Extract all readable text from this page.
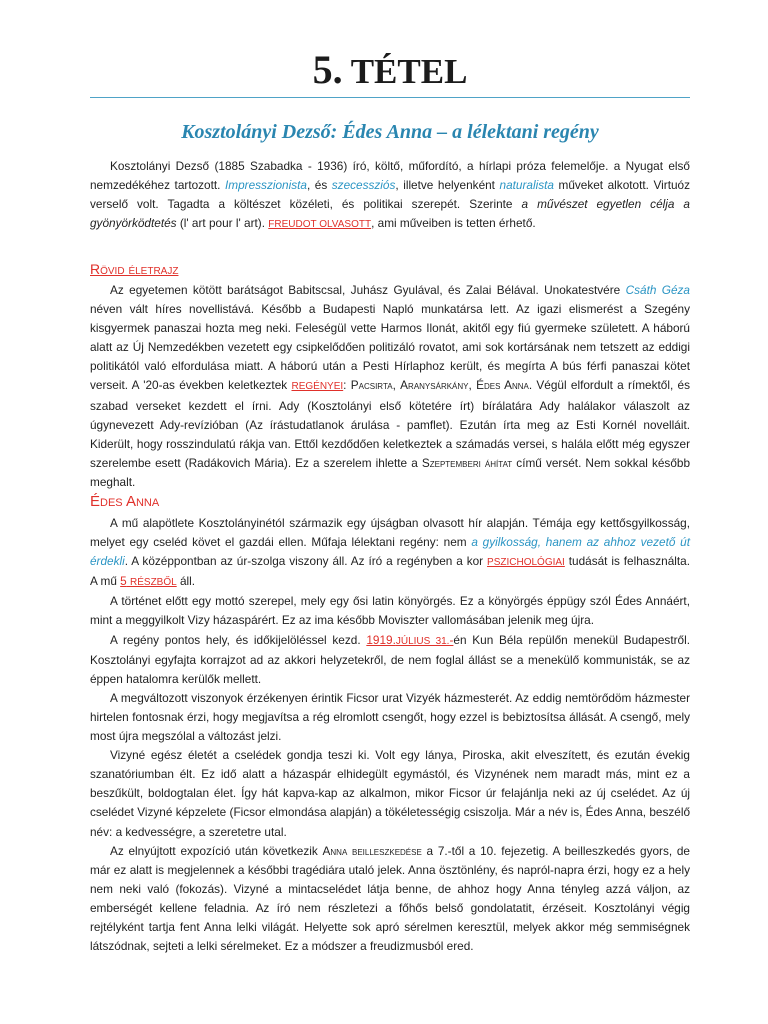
5. TÉTEL
Kosztolányi Dezső: Édes Anna – a lélektani regény

Kosztolányi Dezső (1885 Szabadka - 1936) író, költő, műfordító, a hírlapi próza felemelője. a Nyugat első nemzedékéhez tartozott. Impresszionista, és szecessziós, illetve helyenként naturalista műveket alkotott. Virtuóz verselő volt. Tagadta a költészet közéleti, és politikai szerepét. Szerinte a művészet egyetlen célja a gyönyörködtetés (l' art pour l' art). FREUDOT OLVASOTT, ami műveiben is tetten érhető.

Rövid életrajz

Az egyetemen kötött barátságot Babitscsal, Juhász Gyulával, és Zalai Bélával. Unokatestvére Csáth Géza néven vált híres novellistává. Később a Budapesti Napló munkatársa lett. Az igazi elismerést a Szegény kisgyermek panaszai hozta meg neki. Feleségül vette Harmos Ilonát, akitől egy fiú gyermeke született. A háború alatt az Új Nemzedékben vezetett egy csipkelődően politizáló rovatot, ami sok kortársának nem tetszett az eddigi politikától való elfordulása miatt. A háború után a Pesti Hírlaphoz került, és megírta A bús férfi panaszai kötet verseit. A '20-as években keletkeztek REGÉNYEI: Pacsirta, Aranysárkány, Édes Anna. Végül elfordult a rímektől, és szabad verseket kezdett el írni. Ady (Kosztolányi első kötetére írt) bírálatára Ady halálakor válaszolt az úgynevezett Ady-revízióban (Az írástudatlanok árulása - pamflet). Ezután írta meg az Esti Kornél novelláit. Kiderült, hogy rosszindulatú rákja van. Ettől kezdődően keletkeztek a számadás versei, s halála előtt még egyszer szerelembe esett (Radákovich Mária). Ez a szerelem ihlette a Szeptemberi áhítat című versét. Nem sokkal később meghalt.

Édes Anna

A mű alapötlete Kosztolányinétól származik egy újságban olvasott hír alapján. Témája egy kettősgyilkosság, melyet egy cseléd követ el gazdái ellen. Műfaja lélektani regény: nem a gyilkosság, hanem az ahhoz vezető út érdekli. A középpontban az úr-szolga viszony áll. Az író a regényben a kor PSZICHOLÓGIAI tudását is felhasználta. A mű 5 RÉSZBŐL áll.

A történet előtt egy mottó szerepel, mely egy ősi latin könyörgés. Ez a könyörgés éppügy szól Édes Annáért, mint a meggyilkolt Vizy házaspárért. Ez az ima később Moviszter vallomásában jelenik meg újra.

A regény pontos hely, és időkijelöléssel kezd. 1919.JÚLIUS 31.-én Kun Béla repülőn menekül Budapestről. Kosztolányi egyfajta korrajzot ad az akkori helyzetekről, de nem foglal állást se a menekülő kommunisták, se az éppen hatalomra kerülők mellett.

A megváltozott viszonyok érzékenyen érintik Ficsor urat Vizyék házmesterét. Az eddig nemtörődöm házmester hirtelen fontosnak érzi, hogy megjavítsa a rég elromlott csengőt, hogy ezzel is bebiztosítsa állását. A csengő, mely most újra megszólal a változást jelzi.

Vizyné egész életét a cselédek gondja teszi ki. Volt egy lánya, Piroska, akit elveszített, és ezután évekig szanatóriumban élt. Ez idő alatt a házaspár elhidegült egymástól, és Vizynének nem maradt más, mint ez a beszűkült, boldogtalan élet. Így hát kapva-kap az alkalmon, mikor Ficsor úr felajánlja neki az új cselédet. Az új cselédet Vizyné képzelete (Ficsor elmondása alapján) a tökéletességig csiszolja. Már a név is, Édes Anna, beszélő név: a kedvességre, a szeretetre utal.

Az elnyújtott expozíció után következik Anna beilleszkedése a 7.-től a 10. fejezetig. A beilleszkedés gyors, de már ez alatt is megjelennek a későbbi tragédiára utaló jelek. Anna ösztönlény, és napról-napra érzi, hogy ez a hely nem neki való (fokozás). Vizyné a mintacselédet látja benne, de ahhoz hogy Anna tényleg azzá váljon, az emberségét kellene feladnia. Az író nem részletezi a főhős belső gondolatatit, érzéseit. Kosztolányi végig rejtélyként tartja fent Anna lelki világát. Helyette sok apró sérelmen keresztül, melyek akkor még semmiségnek látszódnak, sejteti a lelki sérelmeket. Ez a módszer a freudizmusból ered.
